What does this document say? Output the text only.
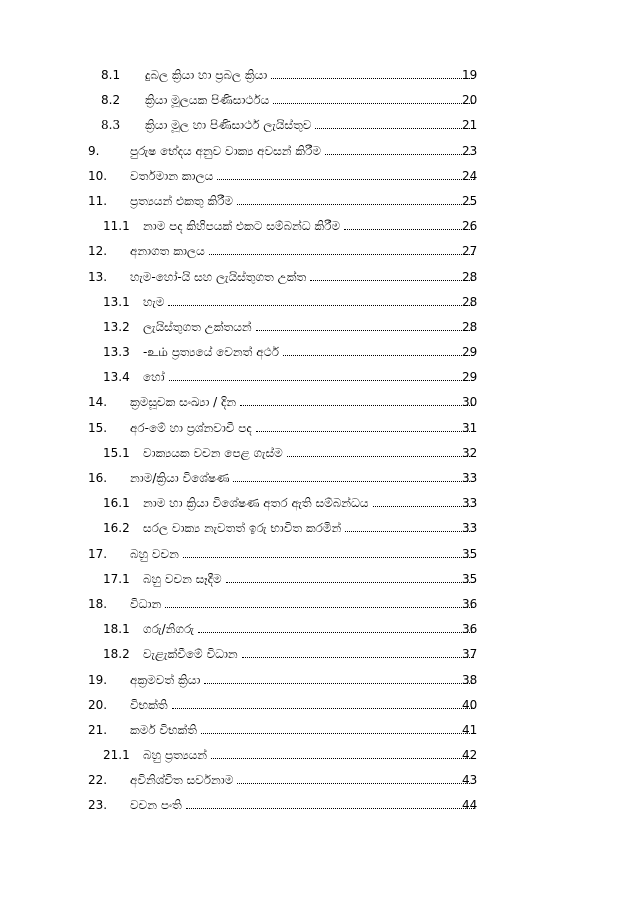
8.1 දුබල ක්‍රියා හා ප්‍රබල ක්‍රියා	19
8.2 ක්‍රියා මූලයක පිණිසාර්ථය	20
8.3 ක්‍රියා මූල හා පිණිසාර්ථ ලැයිස්තුව	21
9.	පුරුෂ භේදය අනුව වාක්‍ය අවසන් කිරීම	23
10. වර්තමාන කාලය	24
11. ප්‍රත්‍යයන් එකතු කිරීම	25
11.1 නාම පද කිහිපයක් එකට සම්බන්ධ කිරීම	26
12. අනාගත කාලය	27
13. හැම-හෝ-යි සහ ලැයිස්තුගත උක්ත	28
13.1 හැම	28
13.2 ලැයිස්තුගත උක්තයන්	28
13.3 -உம் ප්‍රත්‍යයේ වෙනත් අර්ථ	29
13.4 හෝ	29
14. ක්‍රමසූචක සංඛ්‍යා / දින	30
15. අර-මේ හා ප්‍රශ්නවාචී පද	31
15.1 වාක්‍යයක වචන පෙළ ගැස්ම	32
16. නාම/ක්‍රියා විශේෂණ	33
16.1 නාම හා ක්‍රියා විශේෂණ අතර ඇති සම්බන්ධය	33
16.2 සරල වාක්‍ය නැවතත් ඉරු භාවිත කරමින්	33
17. බහු වචන	35
17.1 බහු වචන සෑදීම	35
18. විධාන	36
18.1 ගරු/නිගරු	36
18.2 වැළැක්වීමේ විධාන	37
19. අක්‍රමවත් ක්‍රියා	38
20. විභක්ති	40
21. කර්ම විභක්ති	41
21.1 බහු ප්‍රත්‍යයන්	42
22. අවිනිශ්චිත සර්වනාම	43
23. වචන පංති	44
